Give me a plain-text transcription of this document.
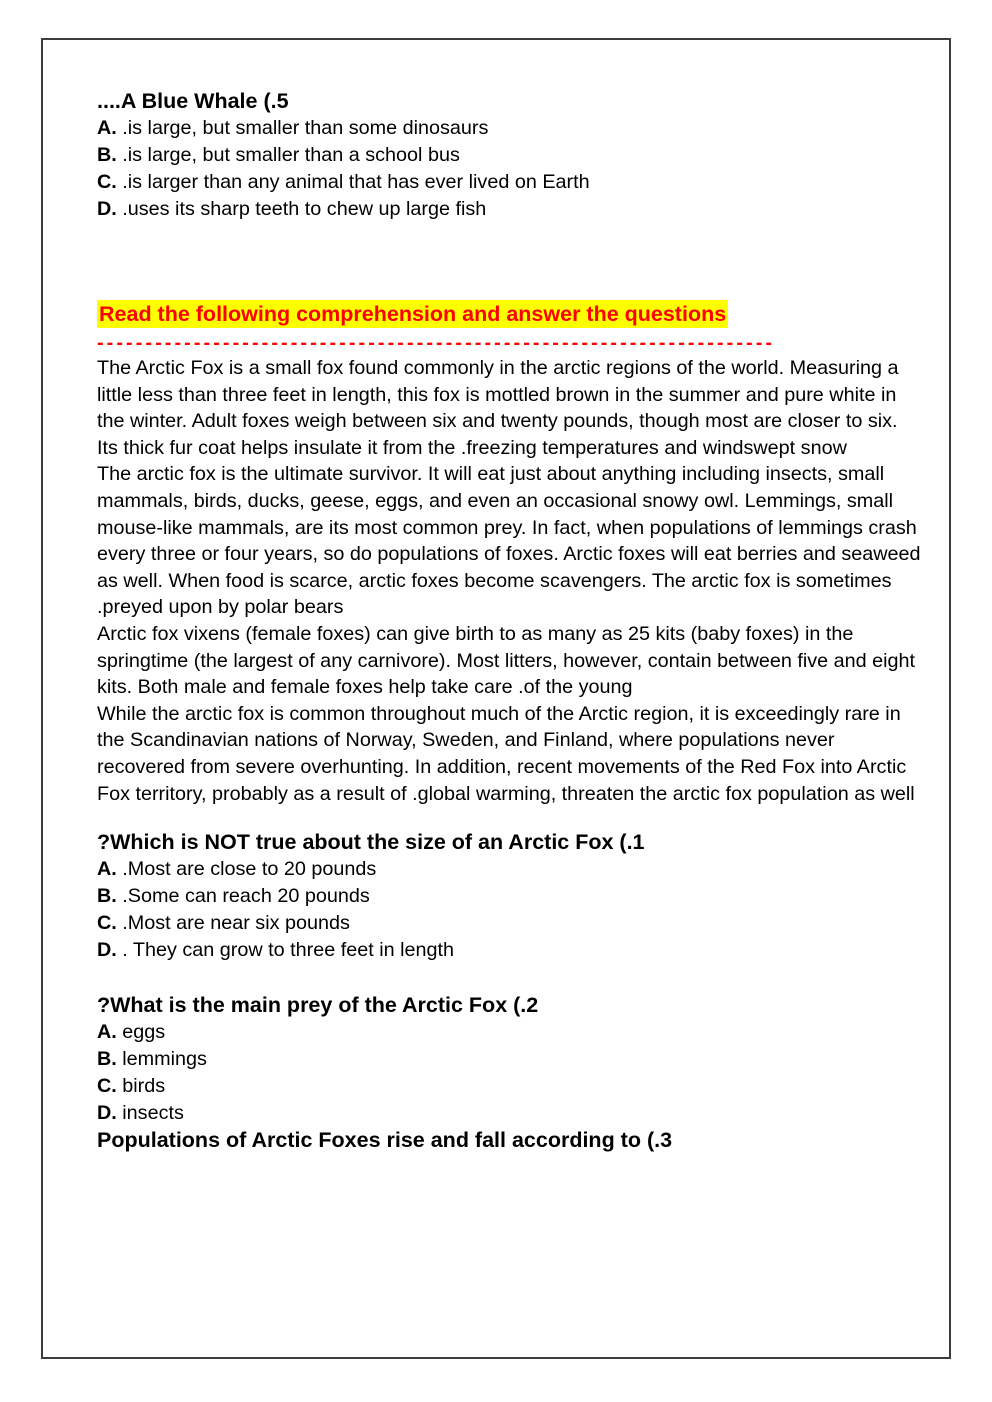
....A Blue Whale (.5
A. .is large, but smaller than some dinosaurs
B. .is large, but smaller than a school bus
C. .is larger than any animal that has ever lived on Earth
D. .uses its sharp teeth to chew up large fish
Read the following comprehension and answer the questions
----------------------------------------------------------------------

The Arctic Fox is a small fox found commonly in the arctic regions of the world. Measuring a little less than three feet in length, this fox is mottled brown in the summer and pure white in the winter. Adult foxes weigh between six and twenty pounds, though most are closer to six. Its thick fur coat helps insulate it from the .freezing temperatures and windswept snow

The arctic fox is the ultimate survivor. It will eat just about anything including insects, small mammals, birds, ducks, geese, eggs, and even an occasional snowy owl. Lemmings, small mouse-like mammals, are its most common prey. In fact, when populations of lemmings crash every three or four years, so do populations of foxes. Arctic foxes will eat berries and seaweed as well. When food is scarce, arctic foxes become scavengers. The arctic fox is sometimes .preyed upon by polar bears

Arctic fox vixens (female foxes) can give birth to as many as 25 kits (baby foxes) in the springtime (the largest of any carnivore). Most litters, however, contain between five and eight kits. Both male and female foxes help take care .of the young

While the arctic fox is common throughout much of the Arctic region, it is exceedingly rare in the Scandinavian nations of Norway, Sweden, and Finland, where populations never recovered from severe overhunting. In addition, recent movements of the Red Fox into Arctic Fox territory, probably as a result of .global warming, threaten the arctic fox population as well

?Which is NOT true about the size of an Arctic Fox (.1
A. .Most are close to 20 pounds
B. .Some can reach 20 pounds
C. .Most are near six pounds
D. . They can grow to three feet in length
?What is the main prey of the Arctic Fox (.2
A. eggs
B. lemmings
C. birds
D. insects
Populations of Arctic Foxes rise and fall according to (.3
